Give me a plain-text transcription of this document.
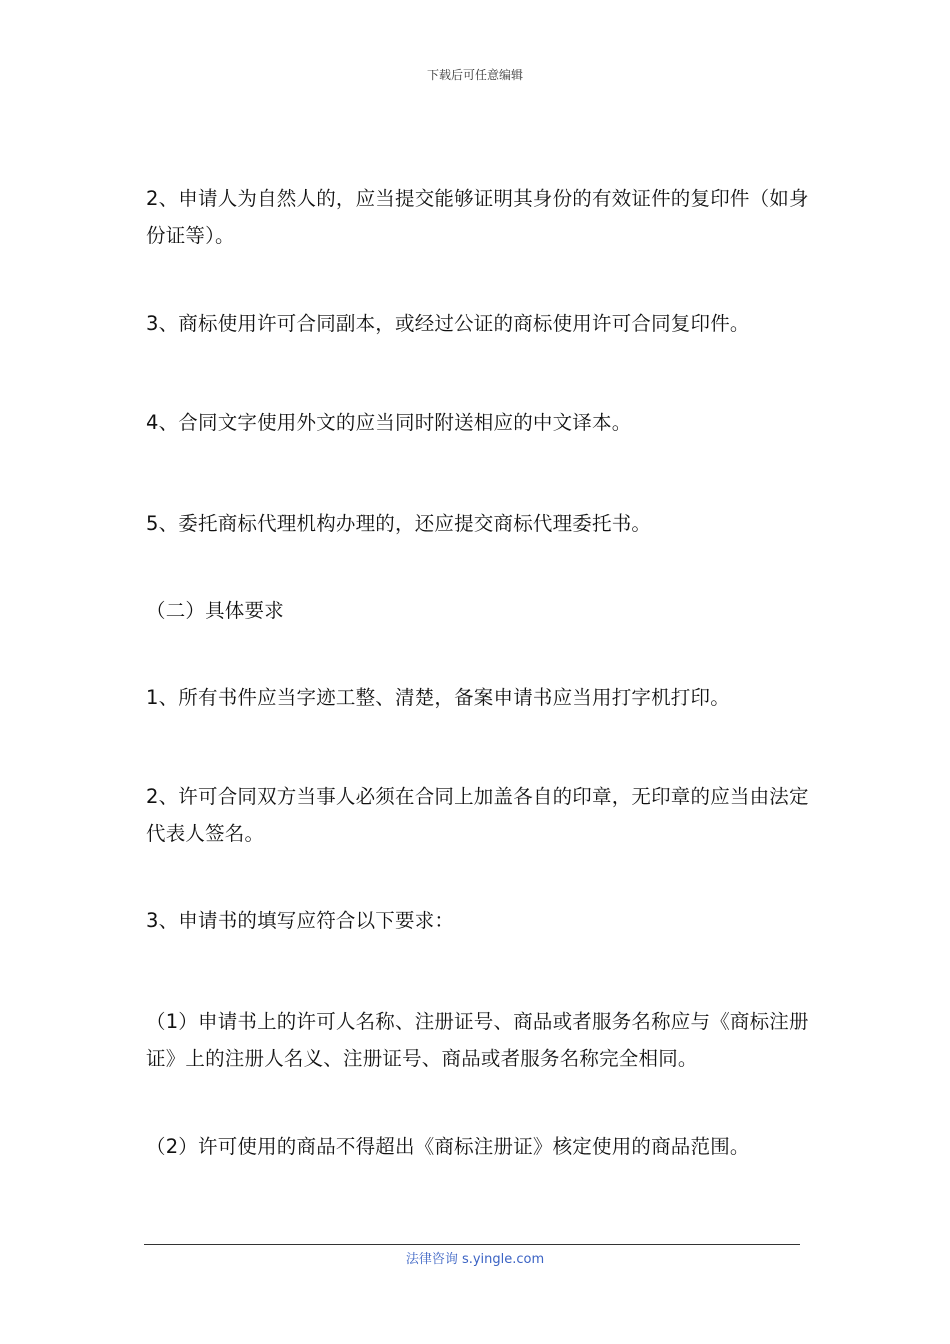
下载后可任意编辑

2、申请人为自然人的，应当提交能够证明其身份的有效证件的复印件（如身份证等）。

3、商标使用许可合同副本，或经过公证的商标使用许可合同复印件。

4、合同文字使用外文的应当同时附送相应的中文译本。

5、委托商标代理机构办理的，还应提交商标代理委托书。

（二）具体要求

1、所有书件应当字迹工整、清楚，备案申请书应当用打字机打印。

2、许可合同双方当事人必须在合同上加盖各自的印章，无印章的应当由法定代表人签名。

3、申请书的填写应符合以下要求：

（1）申请书上的许可人名称、注册证号、商品或者服务名称应与《商标注册证》上的注册人名义、注册证号、商品或者服务名称完全相同。

（2）许可使用的商品不得超出《商标注册证》核定使用的商品范围。

法律咨询 s.yingle.com
